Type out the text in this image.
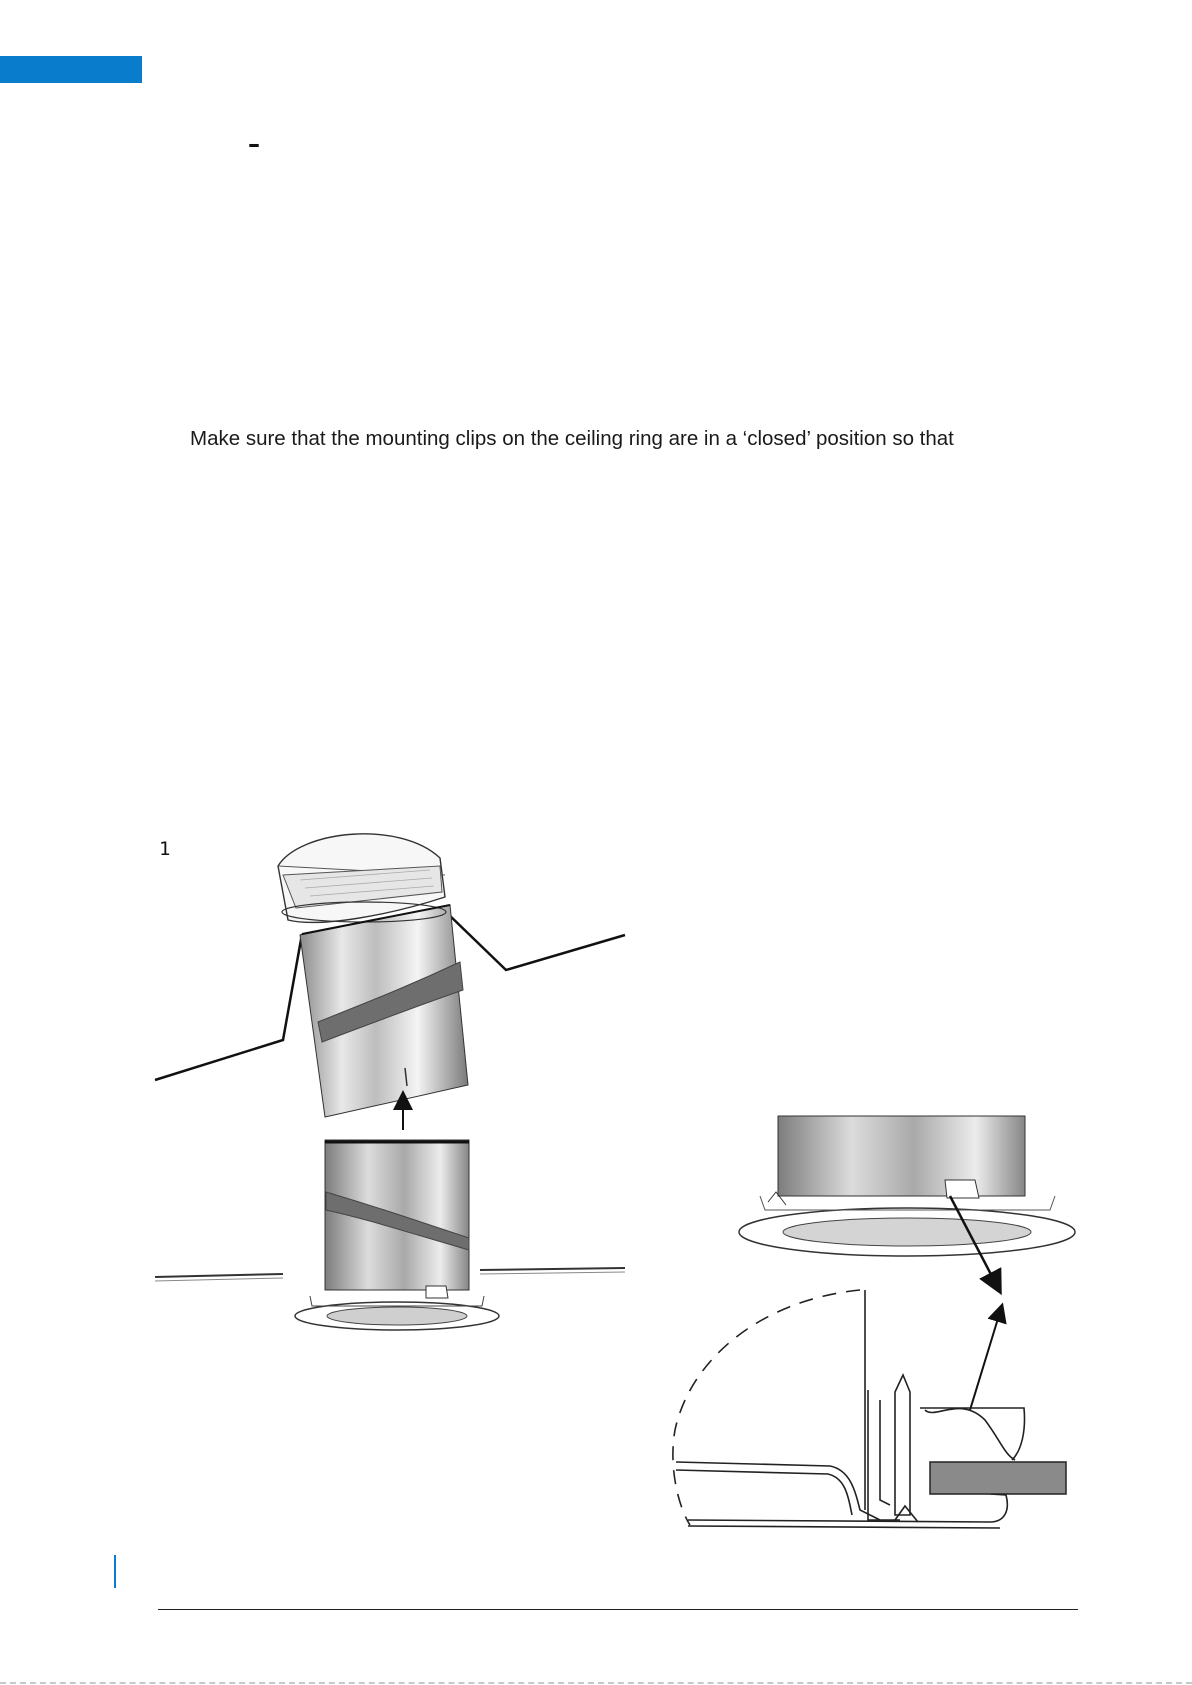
–
Make sure that the mounting clips on the ceiling ring are in a ‘closed’ position so that
1
